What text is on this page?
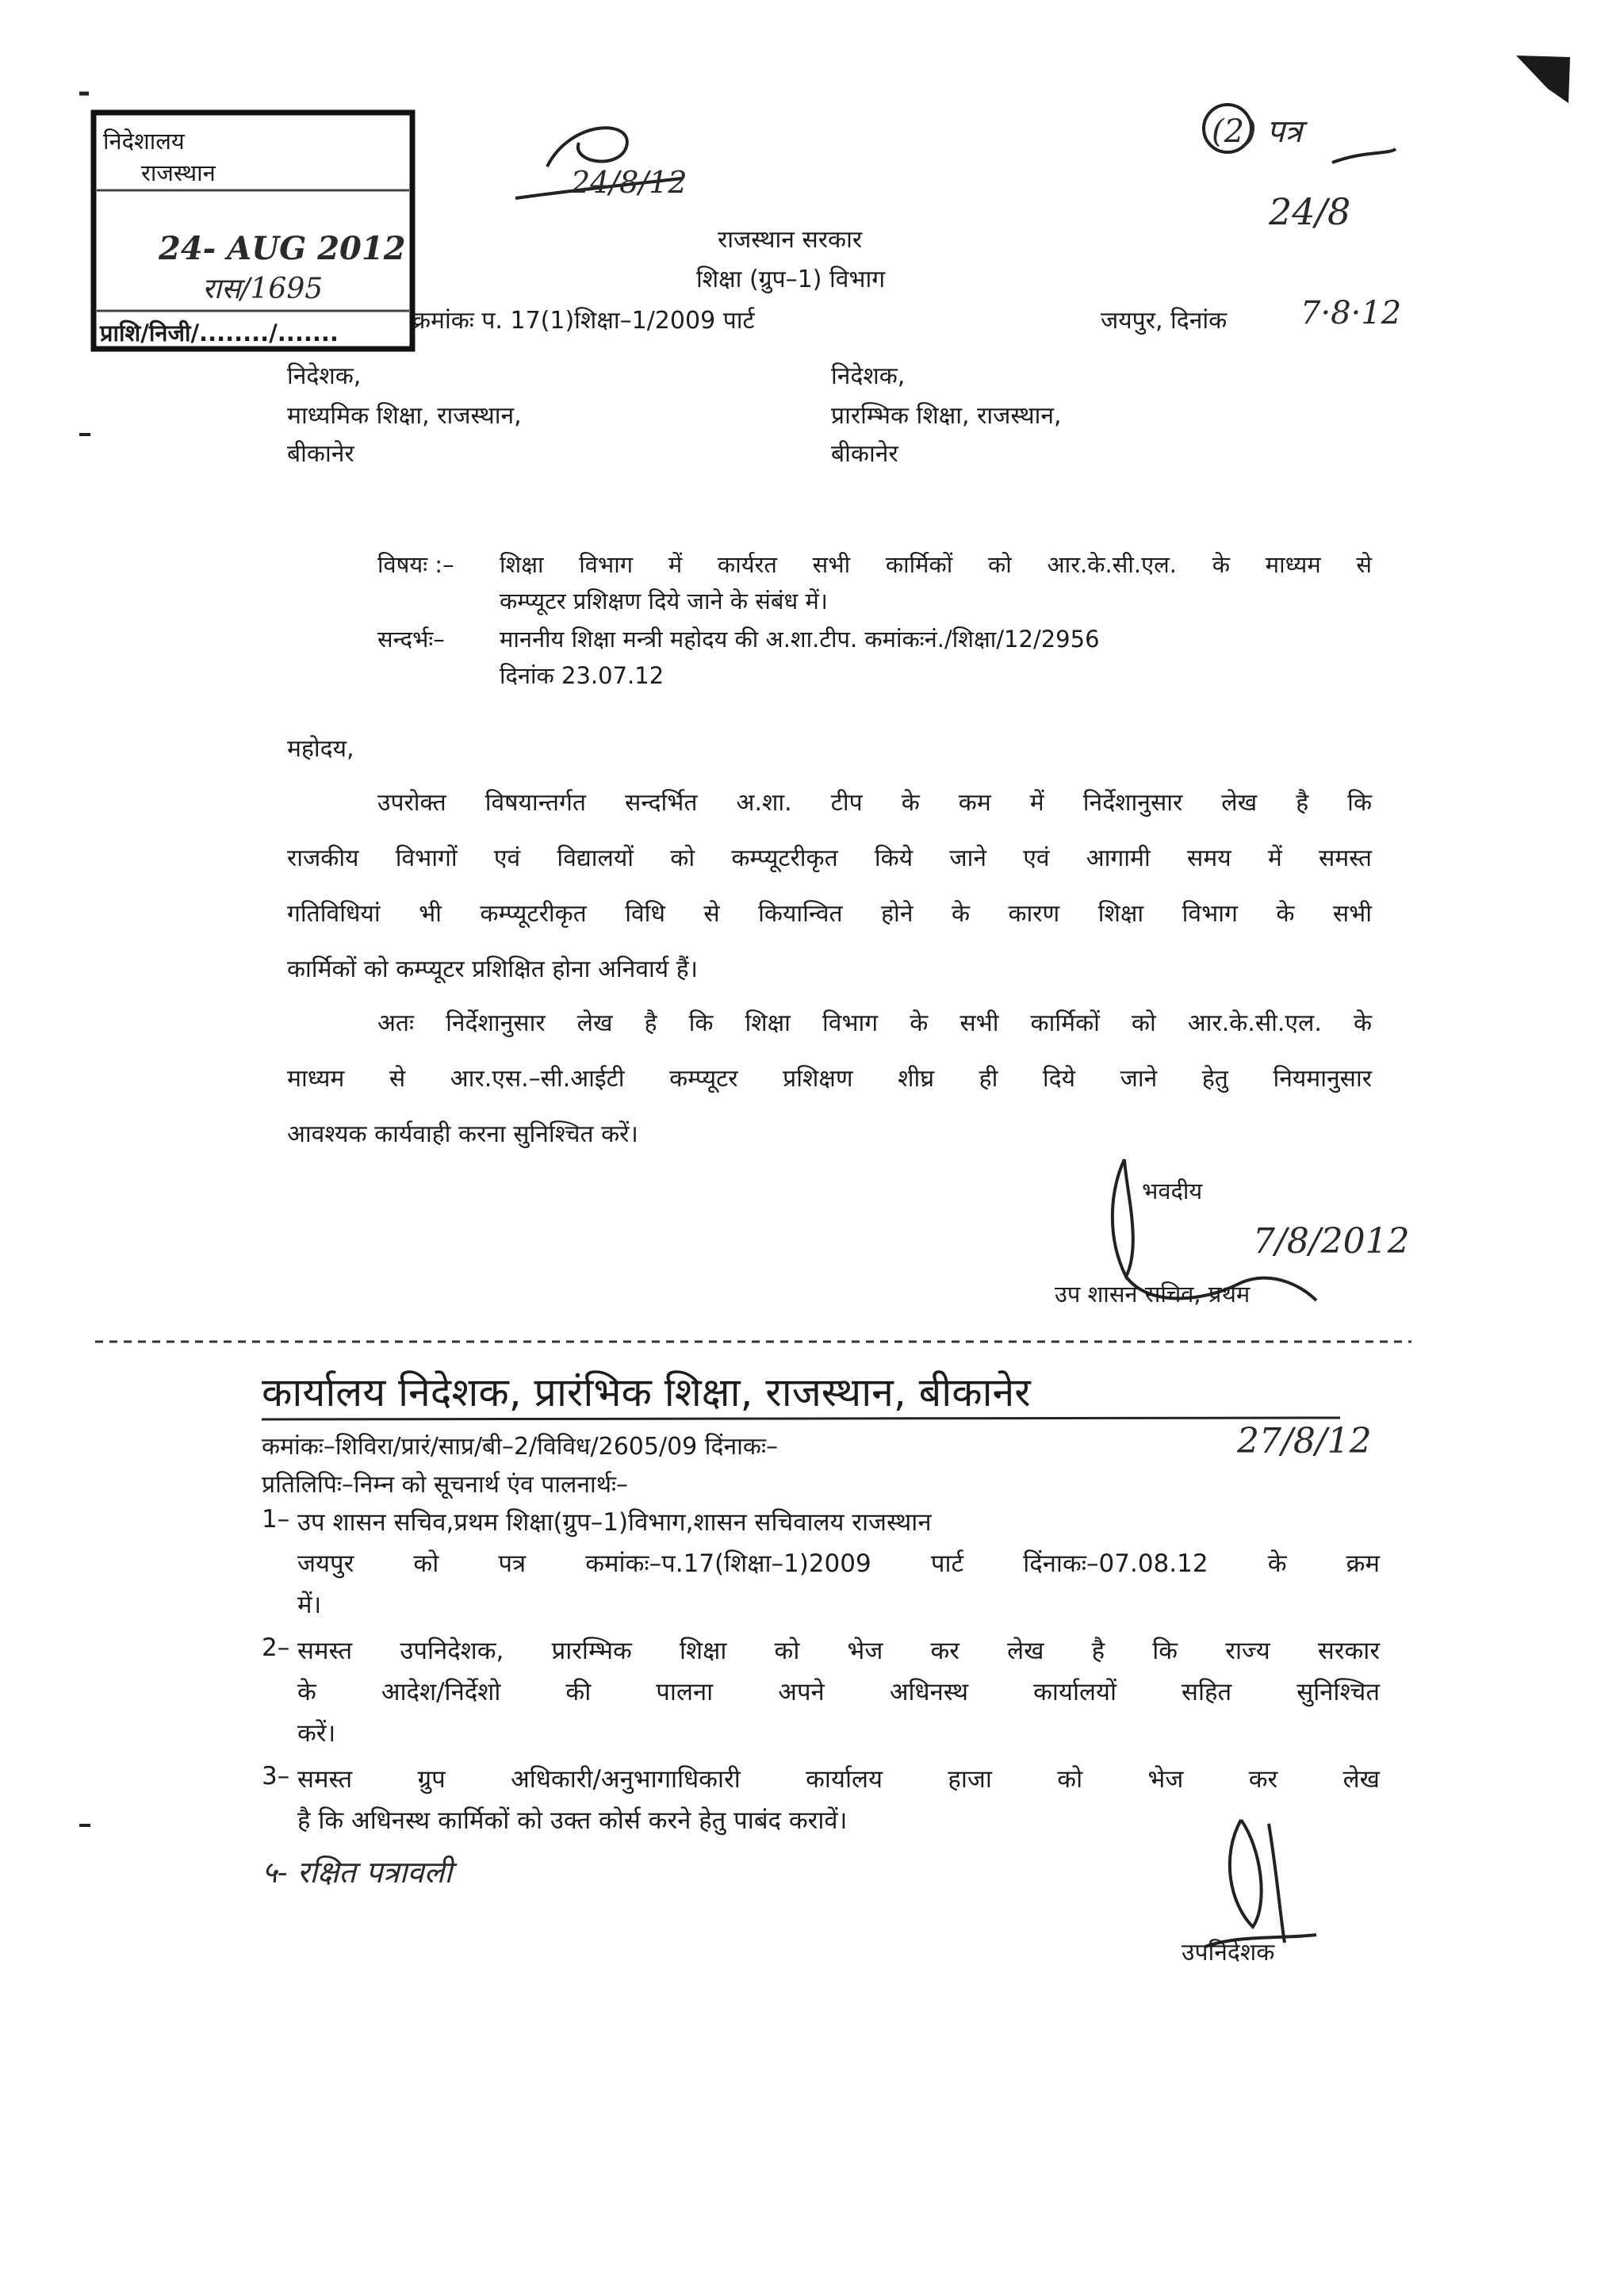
निदेशालय
राजस्थान
24- AUG 2012
रास/1695
प्राशि/निजी/......../.......
24/8/12
(2) पत्र
24/8
राजस्थान सरकार
शिक्षा (ग्रुप–1) विभाग
क्रमांकः प. 17(1)शिक्षा–1/2009 पार्ट	जयपुर, दिनांक 7·8·12
निदेशक,
माध्यमिक शिक्षा, राजस्थान,
बीकानेर
निदेशक,
प्रारम्भिक शिक्षा, राजस्थान,
बीकानेर
विषयः :– शिक्षा विभाग में कार्यरत सभी कार्मिकों को आर.के.सी.एल. के माध्यम से
कम्प्यूटर प्रशिक्षण दिये जाने के संबंध में।
सन्दर्भः– माननीय शिक्षा मन्त्री महोदय की अ.शा.टीप. कमांकःनं./शिक्षा/12/2956
दिनांक 23.07.12
महोदय,
उपरोक्त विषयान्तर्गत सन्दर्भित अ.शा. टीप के कम में निर्देशानुसार लेख है कि
राजकीय विभागों एवं विद्यालयों को कम्प्यूटरीकृत किये जाने एवं आगामी समय में समस्त
गतिविधियां भी कम्प्यूटरीकृत विधि से कियान्वित होने के कारण शिक्षा विभाग के सभी
कार्मिकों को कम्प्यूटर प्रशिक्षित होना अनिवार्य हैं।
अतः निर्देशानुसार लेख है कि शिक्षा विभाग के सभी कार्मिकों को आर.के.सी.एल. के
माध्यम से आर.एस.–सी.आईटी कम्प्यूटर प्रशिक्षण शीघ्र ही दिये जाने हेतु नियमानुसार
आवश्यक कार्यवाही करना सुनिश्चित करें।
भवदीय
7/8/2012
उप शासन सचिव, प्रथम
कार्यालय निदेशक, प्रारंभिक शिक्षा, राजस्थान, बीकानेर
कमांकः–शिविरा/प्रारं/साप्र/बी–2/विविध/2605/09 दिंनाकः–	27/8/12
प्रतिलिपिः–निम्न को सूचनार्थ एंव पालनार्थः–
1– उप शासन सचिव,प्रथम शिक्षा(ग्रुप–1)विभाग,शासन सचिवालय राजस्थान
जयपुर को पत्र कमांकः–प.17(शिक्षा–1)2009 पार्ट दिंनाकः–07.08.12 के क्रम
में।
2– समस्त उपनिदेशक, प्रारम्भिक शिक्षा को भेज कर लेख है कि राज्य सरकार
के आदेश/निर्देशो की पालना अपने अधिनस्थ कार्यालयों सहित सुनिश्चित
करें।
3– समस्त ग्रुप अधिकारी/अनुभागाधिकारी कार्यालय हाजा को भेज कर लेख
है कि अधिनस्थ कार्मिकों को उक्त कोर्स करने हेतु पाबंद करावें।
५- रक्षित पत्रावली
उपनिदेशक
